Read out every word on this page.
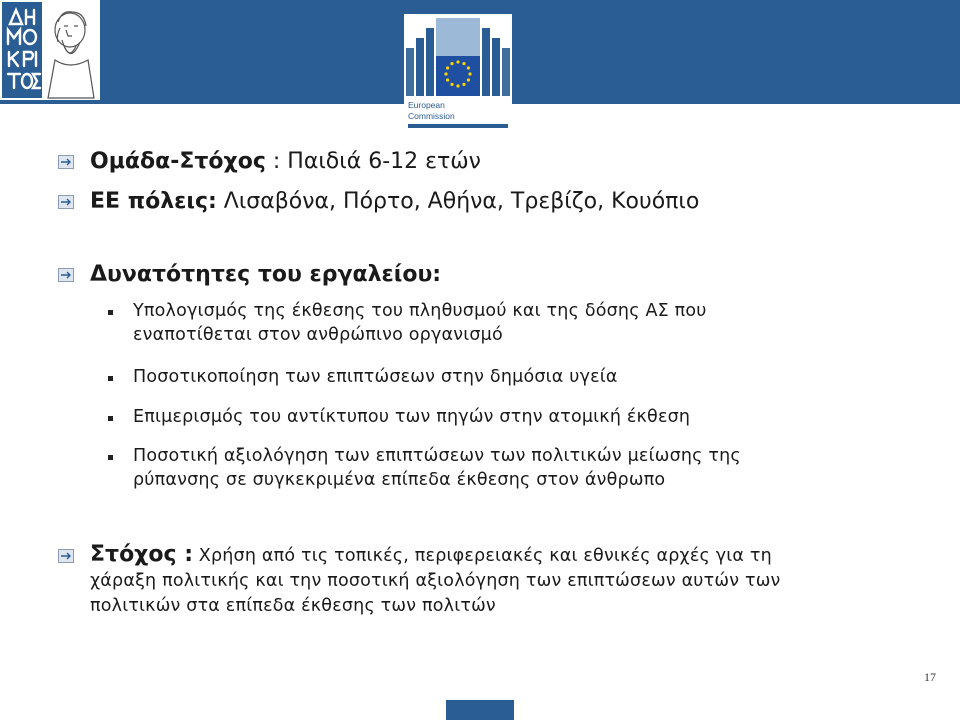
European
Commission
Ομάδα-Στόχος : Παιδιά 6-12 ετών
ΕΕ πόλεις: Λισαβόνα, Πόρτο, Αθήνα, Τρεβίζο, Κουόπιο
Δυνατότητες του εργαλείου:
Υπολογισμός της έκθεσης του πληθυσμού και της δόσης ΑΣ που
εναποτίθεται στον ανθρώπινο οργανισμό
Ποσοτικοποίηση των επιπτώσεων στην δημόσια υγεία
Επιμερισμός του αντίκτυπου των πηγών στην ατομική έκθεση
Ποσοτική αξιολόγηση των επιπτώσεων των πολιτικών μείωσης της
ρύπανσης σε συγκεκριμένα επίπεδα έκθεσης στον άνθρωπο
Στόχος : Χρήση από τις τοπικές, περιφερειακές και εθνικές αρχές για τη
χάραξη πολιτικής και την ποσοτική αξιολόγηση των επιπτώσεων αυτών των
πολιτικών στα επίπεδα έκθεσης των πολιτών
17
